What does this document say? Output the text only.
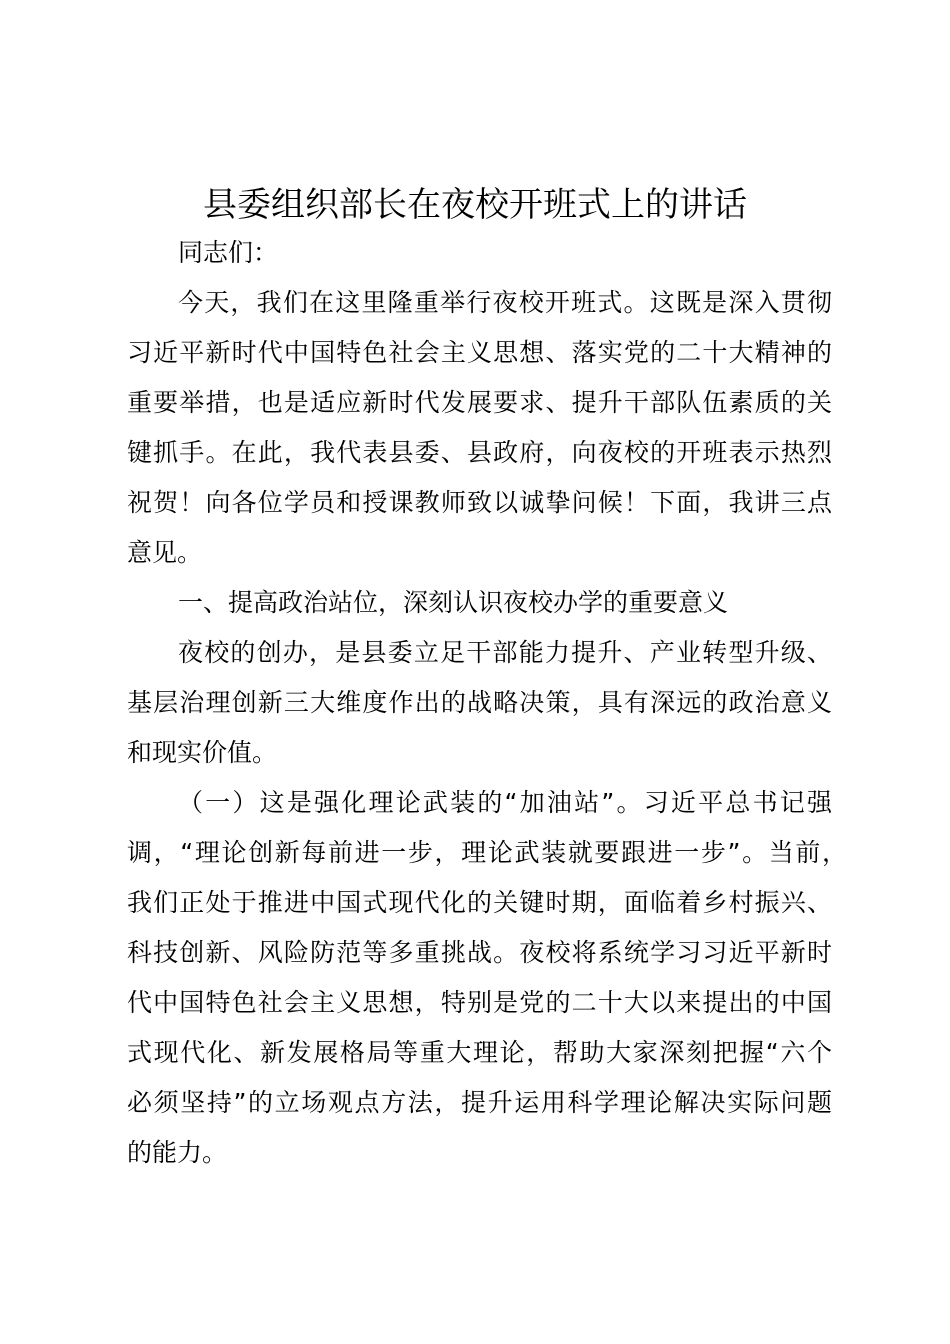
县委组织部长在夜校开班式上的讲话
同志们：
今天，我们在这里隆重举行夜校开班式。这既是深入贯彻
习近平新时代中国特色社会主义思想、落实党的二十大精神的
重要举措，也是适应新时代发展要求、提升干部队伍素质的关
键抓手。在此，我代表县委、县政府，向夜校的开班表示热烈
祝贺！向各位学员和授课教师致以诚挚问候！下面，我讲三点
意见。
一、提高政治站位，深刻认识夜校办学的重要意义
夜校的创办，是县委立足干部能力提升、产业转型升级、
基层治理创新三大维度作出的战略决策，具有深远的政治意义
和现实价值。
（一）这是强化理论武装的“加油站”。习近平总书记强
调，“理论创新每前进一步，理论武装就要跟进一步”。当前，
我们正处于推进中国式现代化的关键时期，面临着乡村振兴、
科技创新、风险防范等多重挑战。夜校将系统学习习近平新时
代中国特色社会主义思想，特别是党的二十大以来提出的中国
式现代化、新发展格局等重大理论，帮助大家深刻把握“六个
必须坚持”的立场观点方法，提升运用科学理论解决实际问题
的能力。
